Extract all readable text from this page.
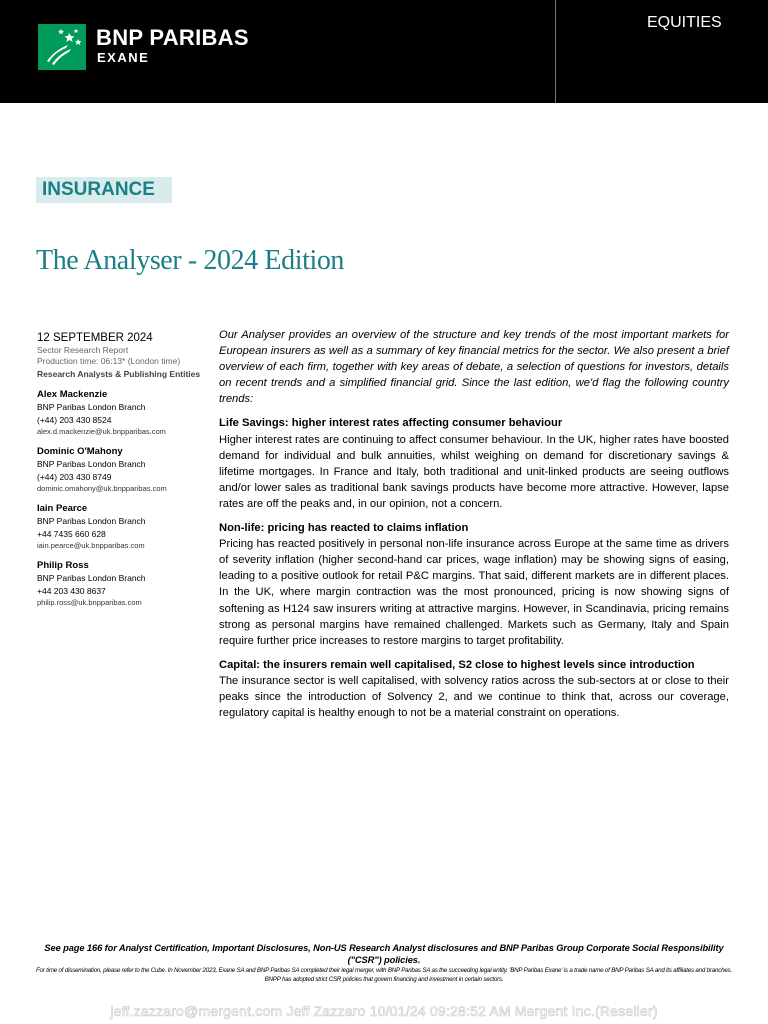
BNP PARIBAS
EXANE
EQUITIES
INSURANCE
The Analyser - 2024 Edition
12 SEPTEMBER 2024
Sector Research Report
Production time: 06:13* (London time)
Research Analysts & Publishing Entities
Alex Mackenzie
BNP Paribas London Branch
(+44) 203 430 8524
alex.d.mackenzie@uk.bnpparibas.com
Dominic O'Mahony
BNP Paribas London Branch
(+44) 203 430 8749
dominic.omahony@uk.bnpparibas.com
Iain Pearce
BNP Paribas London Branch
+44 7435 660 628
iain.pearce@uk.bnpparibas.com
Philip Ross
BNP Paribas London Branch
+44 203 430 8637
philip.ross@uk.bnpparibas.com

Our Analyser provides an overview of the structure and key trends of the most important markets for European insurers as well as a summary of key financial metrics for the sector. We also present a brief overview of each firm, together with key areas of debate, a selection of questions for investors, details on recent trends and a simplified financial grid. Since the last edition, we'd flag the following country trends:

Life Savings: higher interest rates affecting consumer behaviour

Higher interest rates are continuing to affect consumer behaviour. In the UK, higher rates have boosted demand for individual and bulk annuities, whilst weighing on demand for discretionary savings & lifetime mortgages. In France and Italy, both traditional and unit-linked products are seeing outflows and/or lower sales as traditional bank savings products have become more attractive. However, lapse rates are off the peaks and, in our opinion, not a concern.

Non-life: pricing has reacted to claims inflation

Pricing has reacted positively in personal non-life insurance across Europe at the same time as drivers of severity inflation (higher second-hand car prices, wage inflation) may be showing signs of easing, leading to a positive outlook for retail P&C margins. That said, different markets are in different places. In the UK, where margin contraction was the most pronounced, pricing is now showing signs of softening as H124 saw insurers writing at attractive margins. However, in Scandinavia, pricing remains strong as personal margins have remained challenged. Markets such as Germany, Italy and Spain require further price increases to restore margins to target profitability.

Capital: the insurers remain well capitalised, S2 close to highest levels since introduction

The insurance sector is well capitalised, with solvency ratios across the sub-sectors at or close to their peaks since the introduction of Solvency 2, and we continue to think that, across our coverage, regulatory capital is healthy enough to not be a material constraint on operations.

See page 166 for Analyst Certification, Important Disclosures, Non-US Research Analyst disclosures and BNP Paribas Group Corporate Social Responsibility ("CSR") policies.
For time of dissemination, please refer to the Cube. In November 2023, Exane SA and BNP Paribas SA completed their legal merger, with BNP Paribas SA as the succeeding legal entity. 'BNP Paribas Exane' is a trade name of BNP Paribas SA and its affiliates and branches. BNPP has adopted strict CSR policies that govern financing and investment in certain sectors.
jeff.zazzaro@mergent.com Jeff Zazzaro 10/01/24 09:28:52 AM Mergent Inc.(Reseller)
